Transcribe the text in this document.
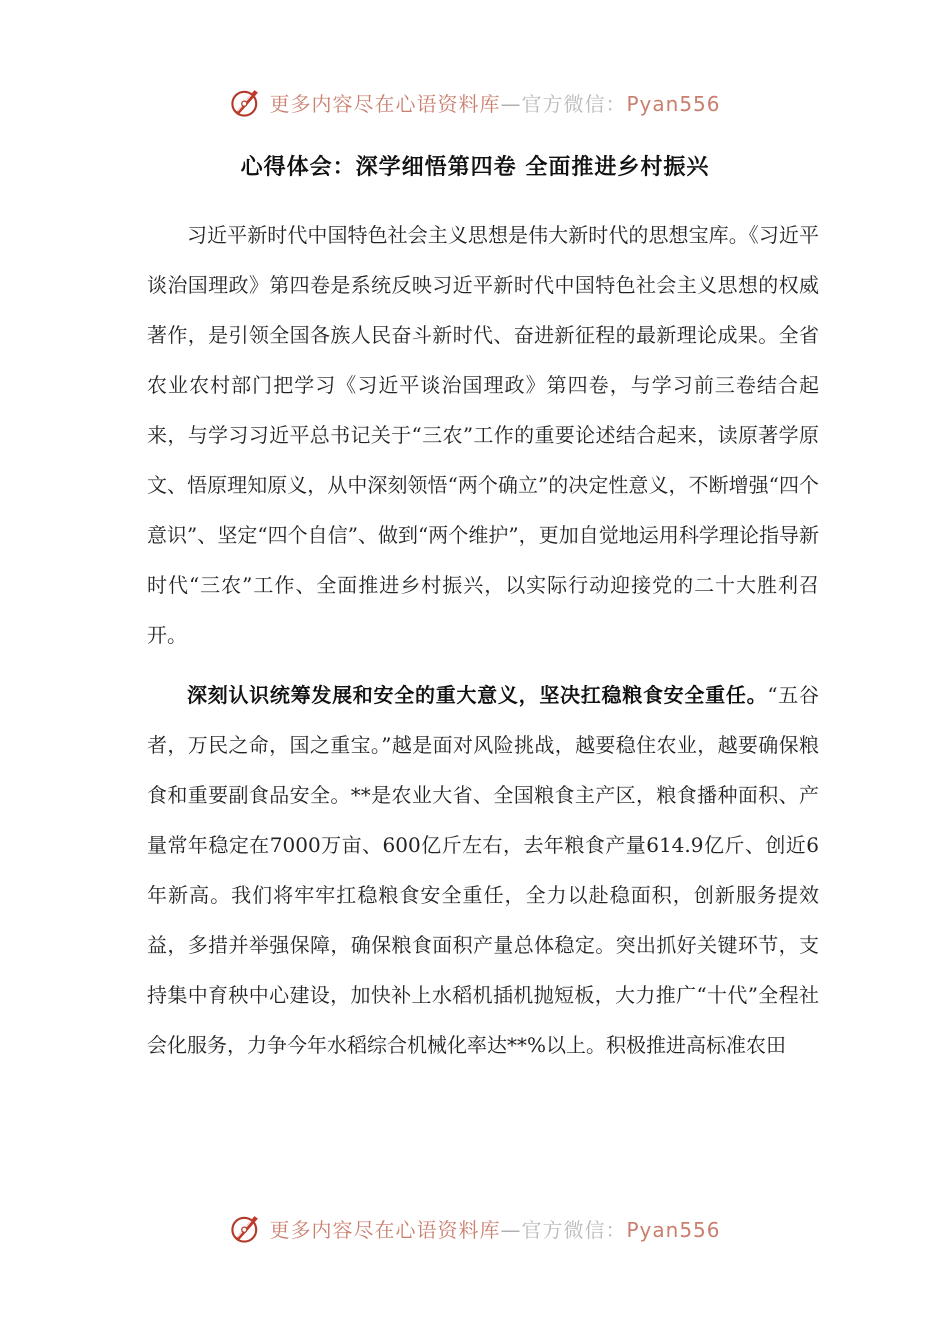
更多内容尽在心语资料库—官方微信：Pyan556
心得体会：深学细悟第四卷 全面推进乡村振兴

习近平新时代中国特色社会主义思想是伟大新时代的思想宝库。《习近平谈治国理政》第四卷是系统反映习近平新时代中国特色社会主义思想的权威著作，是引领全国各族人民奋斗新时代、奋进新征程的最新理论成果。全省农业农村部门把学习《习近平谈治国理政》第四卷，与学习前三卷结合起来，与学习习近平总书记关于“三农”工作的重要论述结合起来，读原著学原文、悟原理知原义，从中深刻领悟“两个确立”的决定性意义，不断增强“四个意识”、坚定“四个自信”、做到“两个维护”，更加自觉地运用科学理论指导新时代“三农”工作、全面推进乡村振兴，以实际行动迎接党的二十大胜利召开。

深刻认识统筹发展和安全的重大意义，坚决扛稳粮食安全重任。“五谷者，万民之命，国之重宝。”越是面对风险挑战，越要稳住农业，越要确保粮食和重要副食品安全。**是农业大省、全国粮食主产区，粮食播种面积、产量常年稳定在7000万亩、600亿斤左右，去年粮食产量614.9亿斤、创近6年新高。我们将牢牢扛稳粮食安全重任，全力以赴稳面积，创新服务提效益，多措并举强保障，确保粮食面积产量总体稳定。突出抓好关键环节，支持集中育秧中心建设，加快补上水稻机插机抛短板，大力推广“十代”全程社会化服务，力争今年水稻综合机械化率达**%以上。积极推进高标准农田

更多内容尽在心语资料库—官方微信：Pyan556
